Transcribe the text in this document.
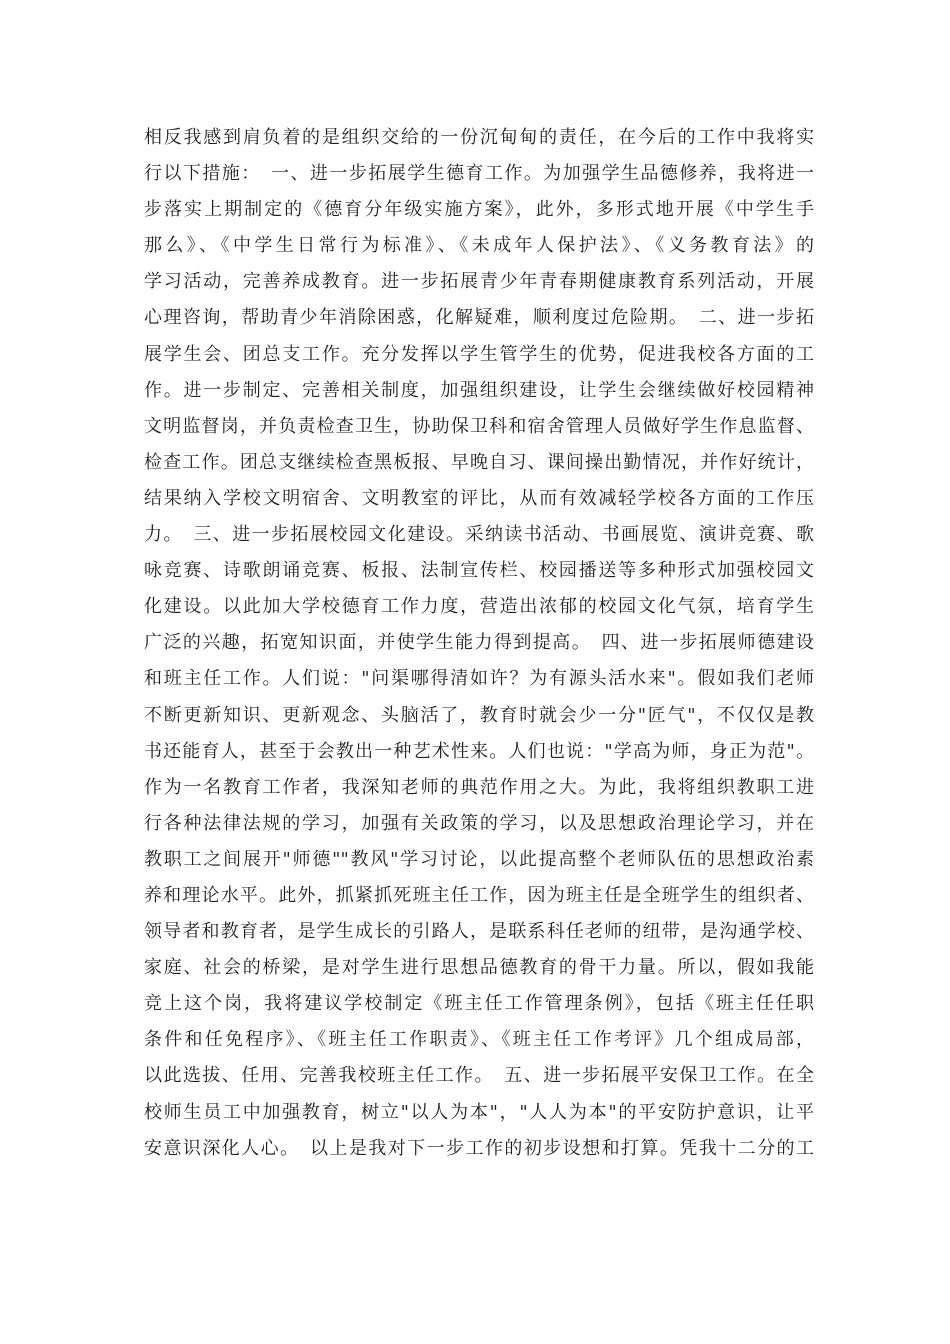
相反我感到肩负着的是组织交给的一份沉甸甸的责任，在今后的工作中我将实
行以下措施：　一、进一步拓展学生德育工作。为加强学生品德修养，我将进一
步落实上期制定的《德育分年级实施方案》，此外，多形式地开展《中学生手
那么》、《中学生日常行为标准》、《未成年人保护法》、《义务教育法》的
学习活动，完善养成教育。进一步拓展青少年青春期健康教育系列活动，开展
心理咨询，帮助青少年消除困惑，化解疑难，顺利度过危险期。　二、进一步拓
展学生会、团总支工作。充分发挥以学生管学生的优势，促进我校各方面的工
作。进一步制定、完善相关制度，加强组织建设，让学生会继续做好校园精神
文明监督岗，并负责检查卫生，协助保卫科和宿舍管理人员做好学生作息监督、
检查工作。团总支继续检查黑板报、早晚自习、课间操出勤情况，并作好统计，
结果纳入学校文明宿舍、文明教室的评比，从而有效减轻学校各方面的工作压
力。　三、进一步拓展校园文化建设。采纳读书活动、书画展览、演讲竞赛、歌
咏竞赛、诗歌朗诵竞赛、板报、法制宣传栏、校园播送等多种形式加强校园文
化建设。以此加大学校德育工作力度，营造出浓郁的校园文化气氛，培育学生
广泛的兴趣，拓宽知识面，并使学生能力得到提高。　四、进一步拓展师德建设
和班主任工作。人们说："问渠哪得清如许？为有源头活水来"。假如我们老师
不断更新知识、更新观念、头脑活了，教育时就会少一分"匠气"，不仅仅是教
书还能育人，甚至于会教出一种艺术性来。人们也说："学高为师，身正为范"。
作为一名教育工作者，我深知老师的典范作用之大。为此，我将组织教职工进
行各种法律法规的学习，加强有关政策的学习，以及思想政治理论学习，并在
教职工之间展开"师德""教风"学习讨论，以此提高整个老师队伍的思想政治素
养和理论水平。此外，抓紧抓死班主任工作，因为班主任是全班学生的组织者、
领导者和教育者，是学生成长的引路人，是联系科任老师的纽带，是沟通学校、
家庭、社会的桥梁，是对学生进行思想品德教育的骨干力量。所以，假如我能
竞上这个岗，我将建议学校制定《班主任工作管理条例》，包括《班主任任职
条件和任免程序》、《班主任工作职责》、《班主任工作考评》几个组成局部，
以此选拔、任用、完善我校班主任工作。　五、进一步拓展平安保卫工作。在全
校师生员工中加强教育，树立"以人为本"，"人人为本"的平安防护意识，让平
安意识深化人心。　以上是我对下一步工作的初步设想和打算。凭我十二分的工
